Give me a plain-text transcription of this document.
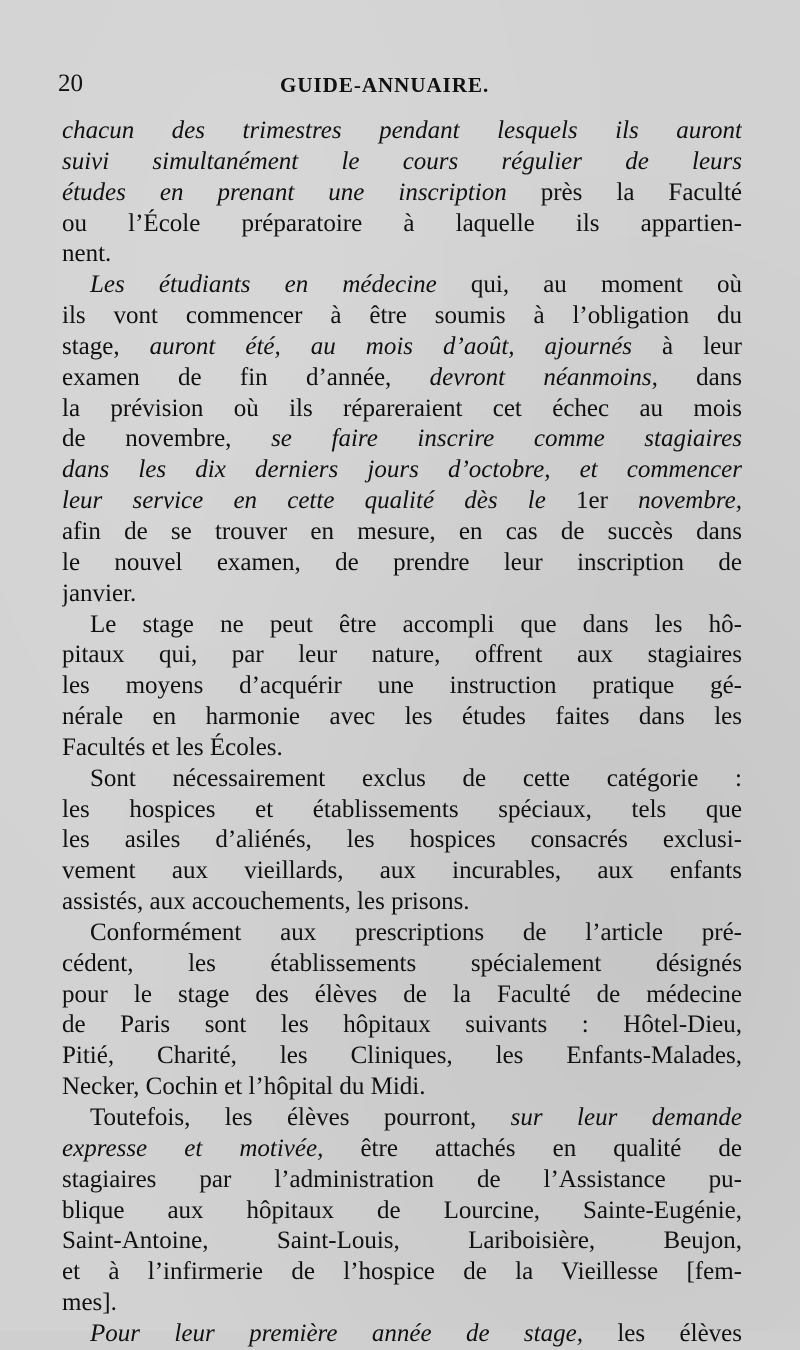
20	GUIDE-ANNUAIRE.
chacun des trimestres pendant lesquels ils auront
suivi simultanément le cours régulier de leurs
études en prenant une inscription près la Faculté
ou l’École préparatoire à laquelle ils appartien-
nent.
Les étudiants en médecine qui, au moment où
ils vont commencer à être soumis à l’obligation du
stage, auront été, au mois d’août, ajournés à leur
examen de fin d’année, devront néanmoins, dans
la prévision où ils répareraient cet échec au mois
de novembre, se faire inscrire comme stagiaires
dans les dix derniers jours d’octobre, et commencer
leur service en cette qualité dès le 1er novembre,
afin de se trouver en mesure, en cas de succès dans
le nouvel examen, de prendre leur inscription de
janvier.
Le stage ne peut être accompli que dans les hô-
pitaux qui, par leur nature, offrent aux stagiaires
les moyens d’acquérir une instruction pratique gé-
nérale en harmonie avec les études faites dans les
Facultés et les Écoles.
Sont nécessairement exclus de cette catégorie :
les hospices et établissements spéciaux, tels que
les asiles d’aliénés, les hospices consacrés exclusi-
vement aux vieillards, aux incurables, aux enfants
assistés, aux accouchements, les prisons.
Conformément aux prescriptions de l’article pré-
cédent, les établissements spécialement désignés
pour le stage des élèves de la Faculté de médecine
de Paris sont les hôpitaux suivants : Hôtel-Dieu,
Pitié, Charité, les Cliniques, les Enfants-Malades,
Necker, Cochin et l’hôpital du Midi.
Toutefois, les élèves pourront, sur leur demande
expresse et motivée, être attachés en qualité de
stagiaires par l’administration de l’Assistance pu-
blique aux hôpitaux de Lourcine, Sainte-Eugénie,
Saint-Antoine, Saint-Louis, Lariboisière, Beujon,
et à l’infirmerie de l’hospice de la Vieillesse [fem-
mes].
Pour leur première année de stage, les élèves
